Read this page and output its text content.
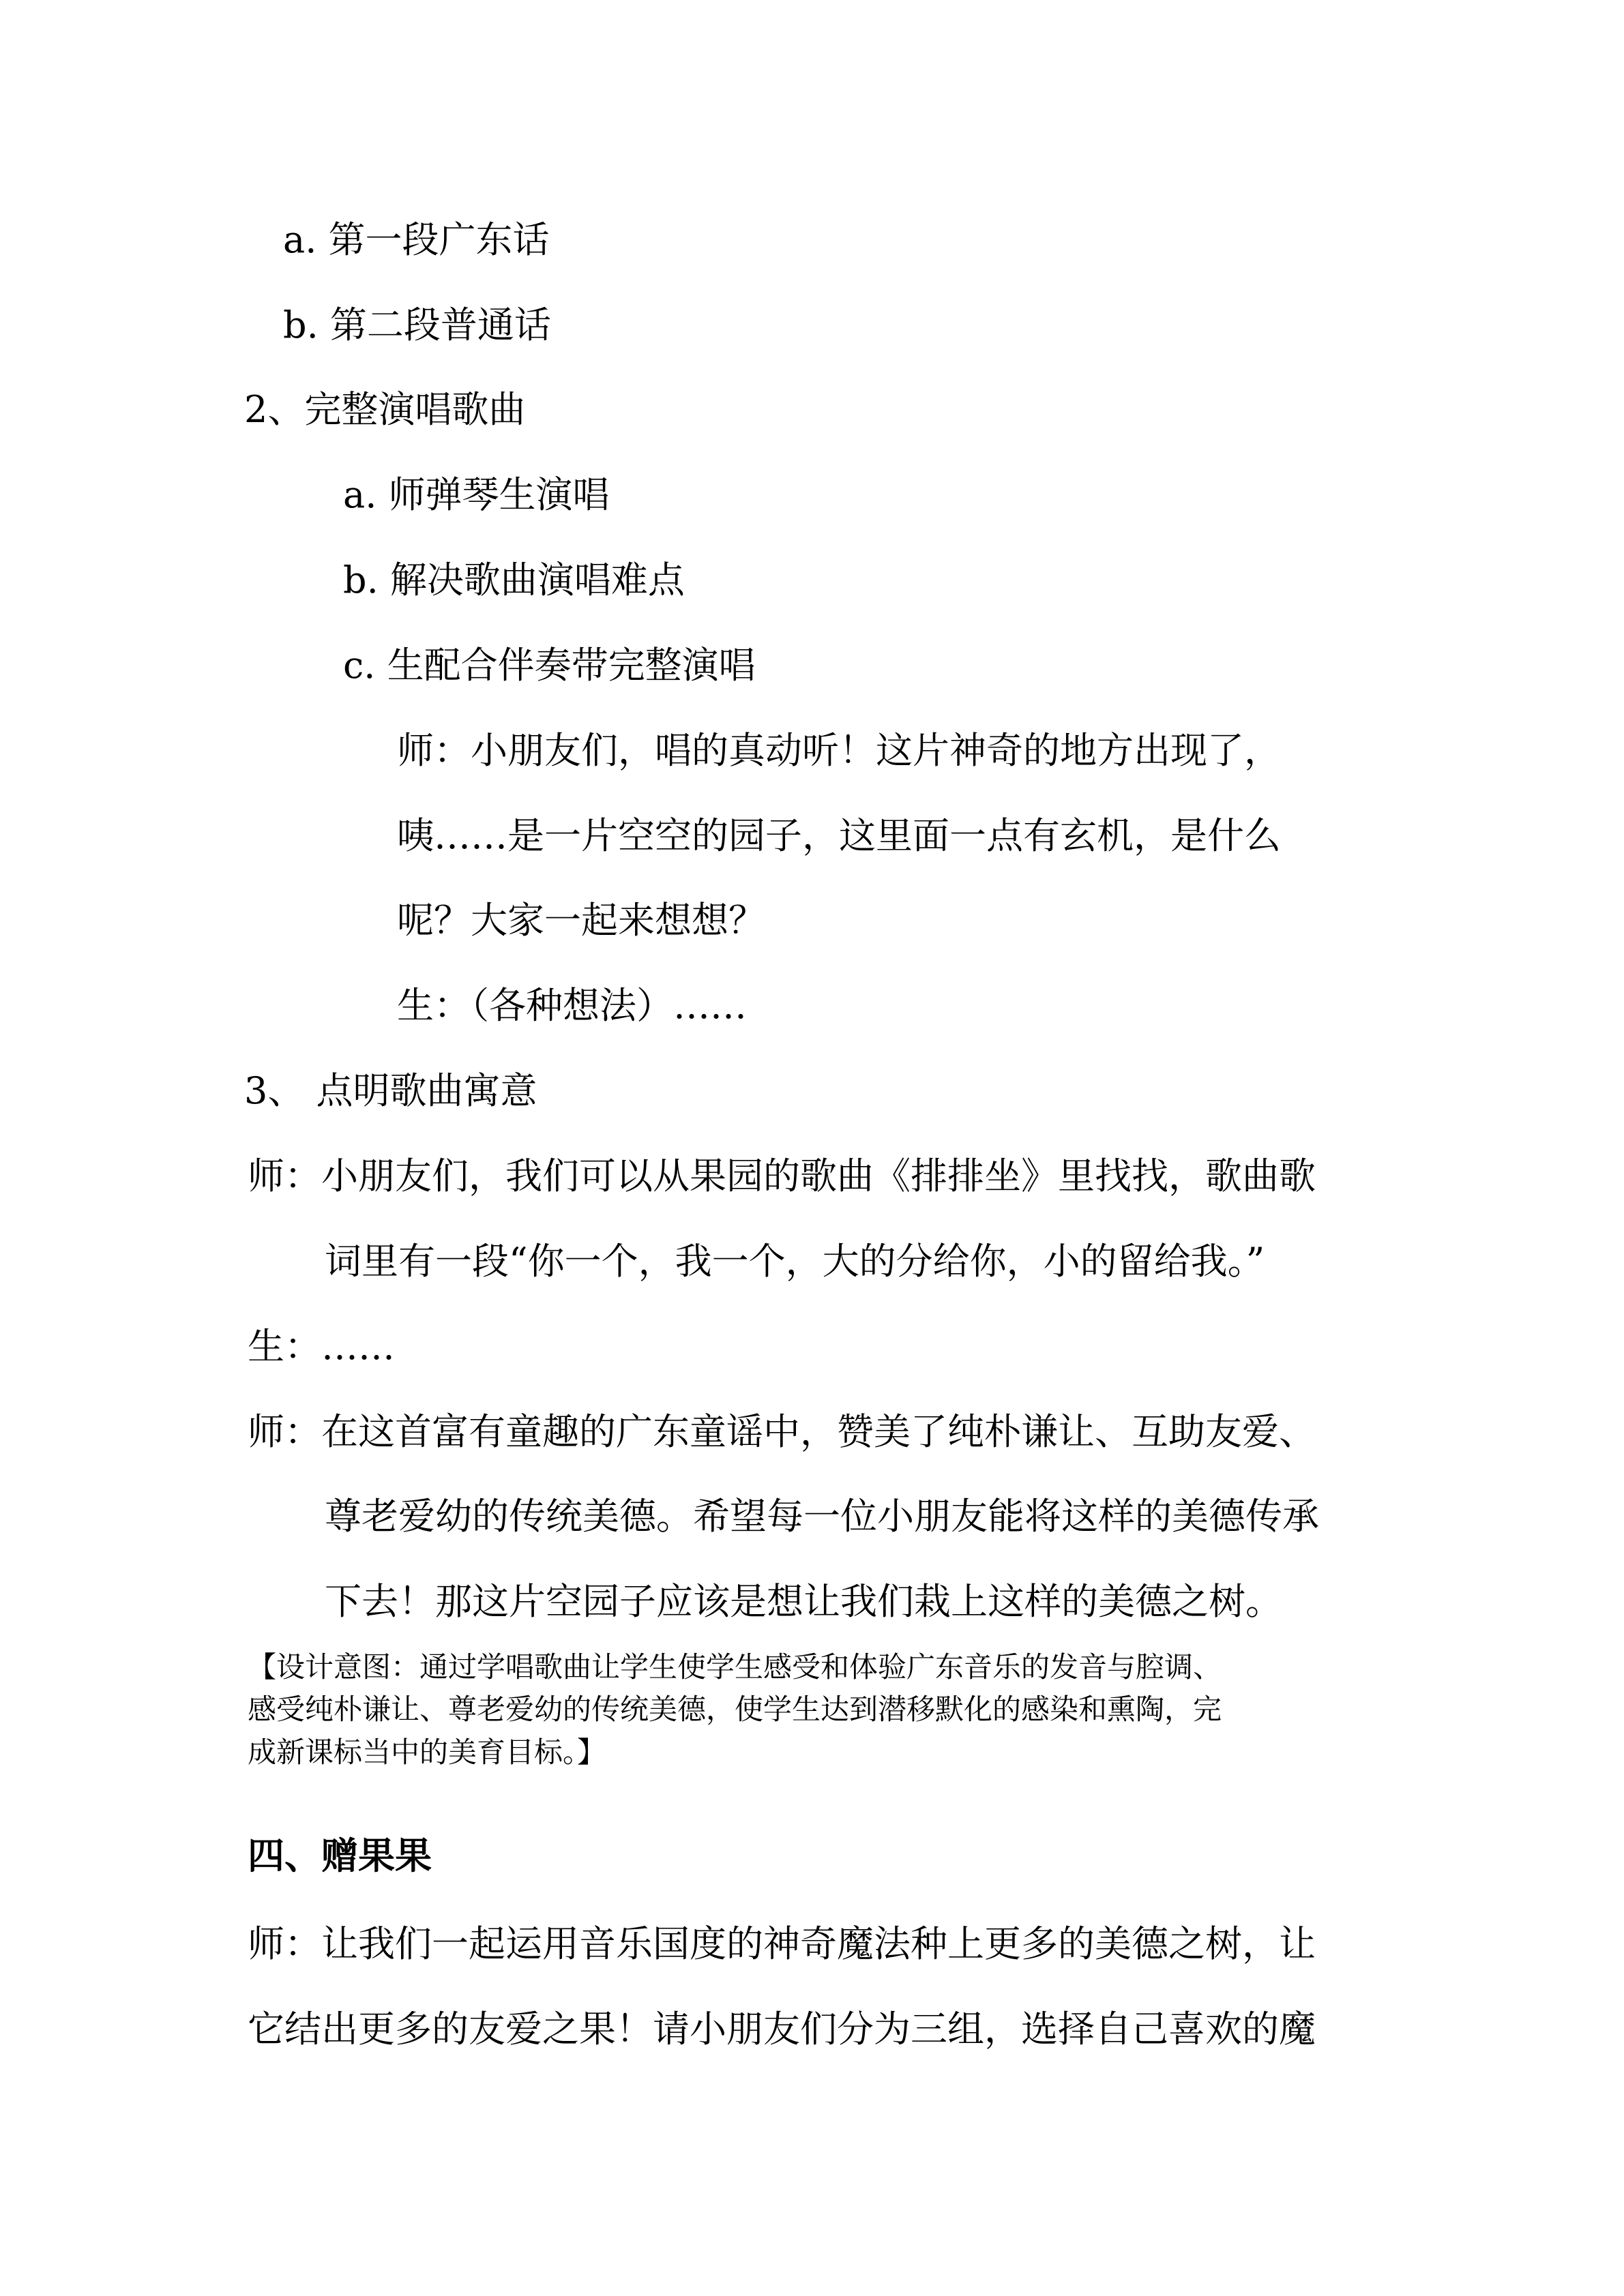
a. 第一段广东话
b. 第二段普通话
2、完整演唱歌曲
a. 师弹琴生演唱
b. 解决歌曲演唱难点
c. 生配合伴奏带完整演唱
师：小朋友们，唱的真动听！这片神奇的地方出现了，
咦……是一片空空的园子，这里面一点有玄机，是什么
呢？大家一起来想想？
生：（各种想法）……
3、 点明歌曲寓意
师：小朋友们，我们可以从果园的歌曲《排排坐》里找找，歌曲歌
词里有一段“你一个，我一个，大的分给你，小的留给我。”
生：……
师：在这首富有童趣的广东童谣中，赞美了纯朴谦让、互助友爱、
尊老爱幼的传统美德。希望每一位小朋友能将这样的美德传承
下去！那这片空园子应该是想让我们栽上这样的美德之树。
【设计意图：通过学唱歌曲让学生使学生感受和体验广东音乐的发音与腔调、
感受纯朴谦让、尊老爱幼的传统美德，使学生达到潜移默化的感染和熏陶，完
成新课标当中的美育目标。】
四、赠果果
师：让我们一起运用音乐国度的神奇魔法种上更多的美德之树，让
它结出更多的友爱之果！请小朋友们分为三组，选择自己喜欢的魔
